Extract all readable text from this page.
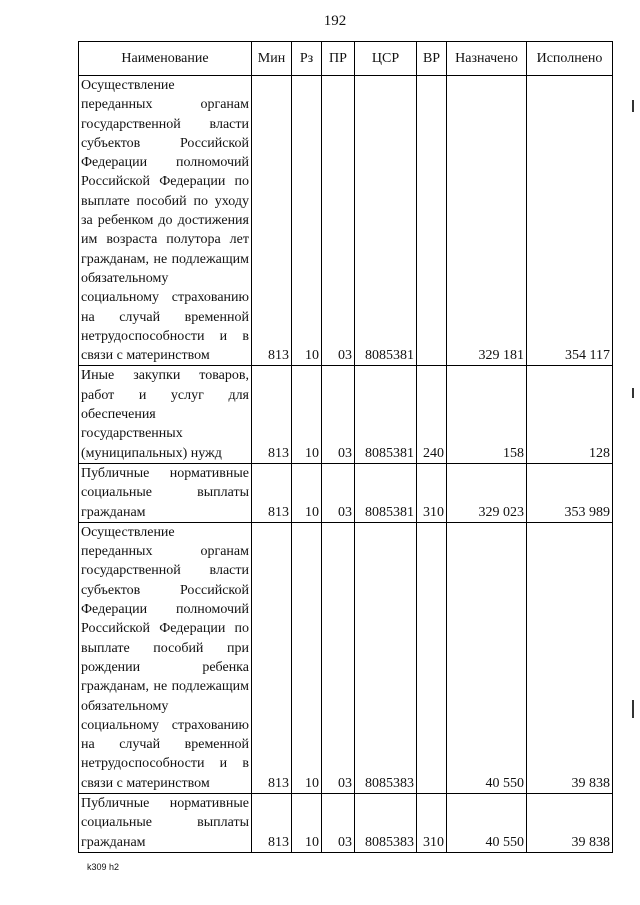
192
Наименование	Мин	Рз	ПР	ЦСР	ВР	Назначено	Исполнено
Осуществление переданных органам государственной власти субъектов Российской Федерации полномочий Российской Федерации по выплате пособий по уходу за ребенком до достижения им возраста полутора лет гражданам, не подлежащим обязательному социальному страхованию на случай временной нетрудоспособности и в связи с материнством	813	10	03	8085381		329 181	354 117
Иные закупки товаров, работ и услуг для обеспечения государственных (муниципальных) нужд	813	10	03	8085381	240	158	128
Публичные нормативные социальные выплаты гражданам	813	10	03	8085381	310	329 023	353 989
Осуществление переданных органам государственной власти субъектов Российской Федерации полномочий Российской Федерации по выплате пособий при рождении ребенка гражданам, не подлежащим обязательному социальному страхованию на случай временной нетрудоспособности и в связи с материнством	813	10	03	8085383		40 550	39 838
Публичные нормативные социальные выплаты гражданам	813	10	03	8085383	310	40 550	39 838
k309 h2
